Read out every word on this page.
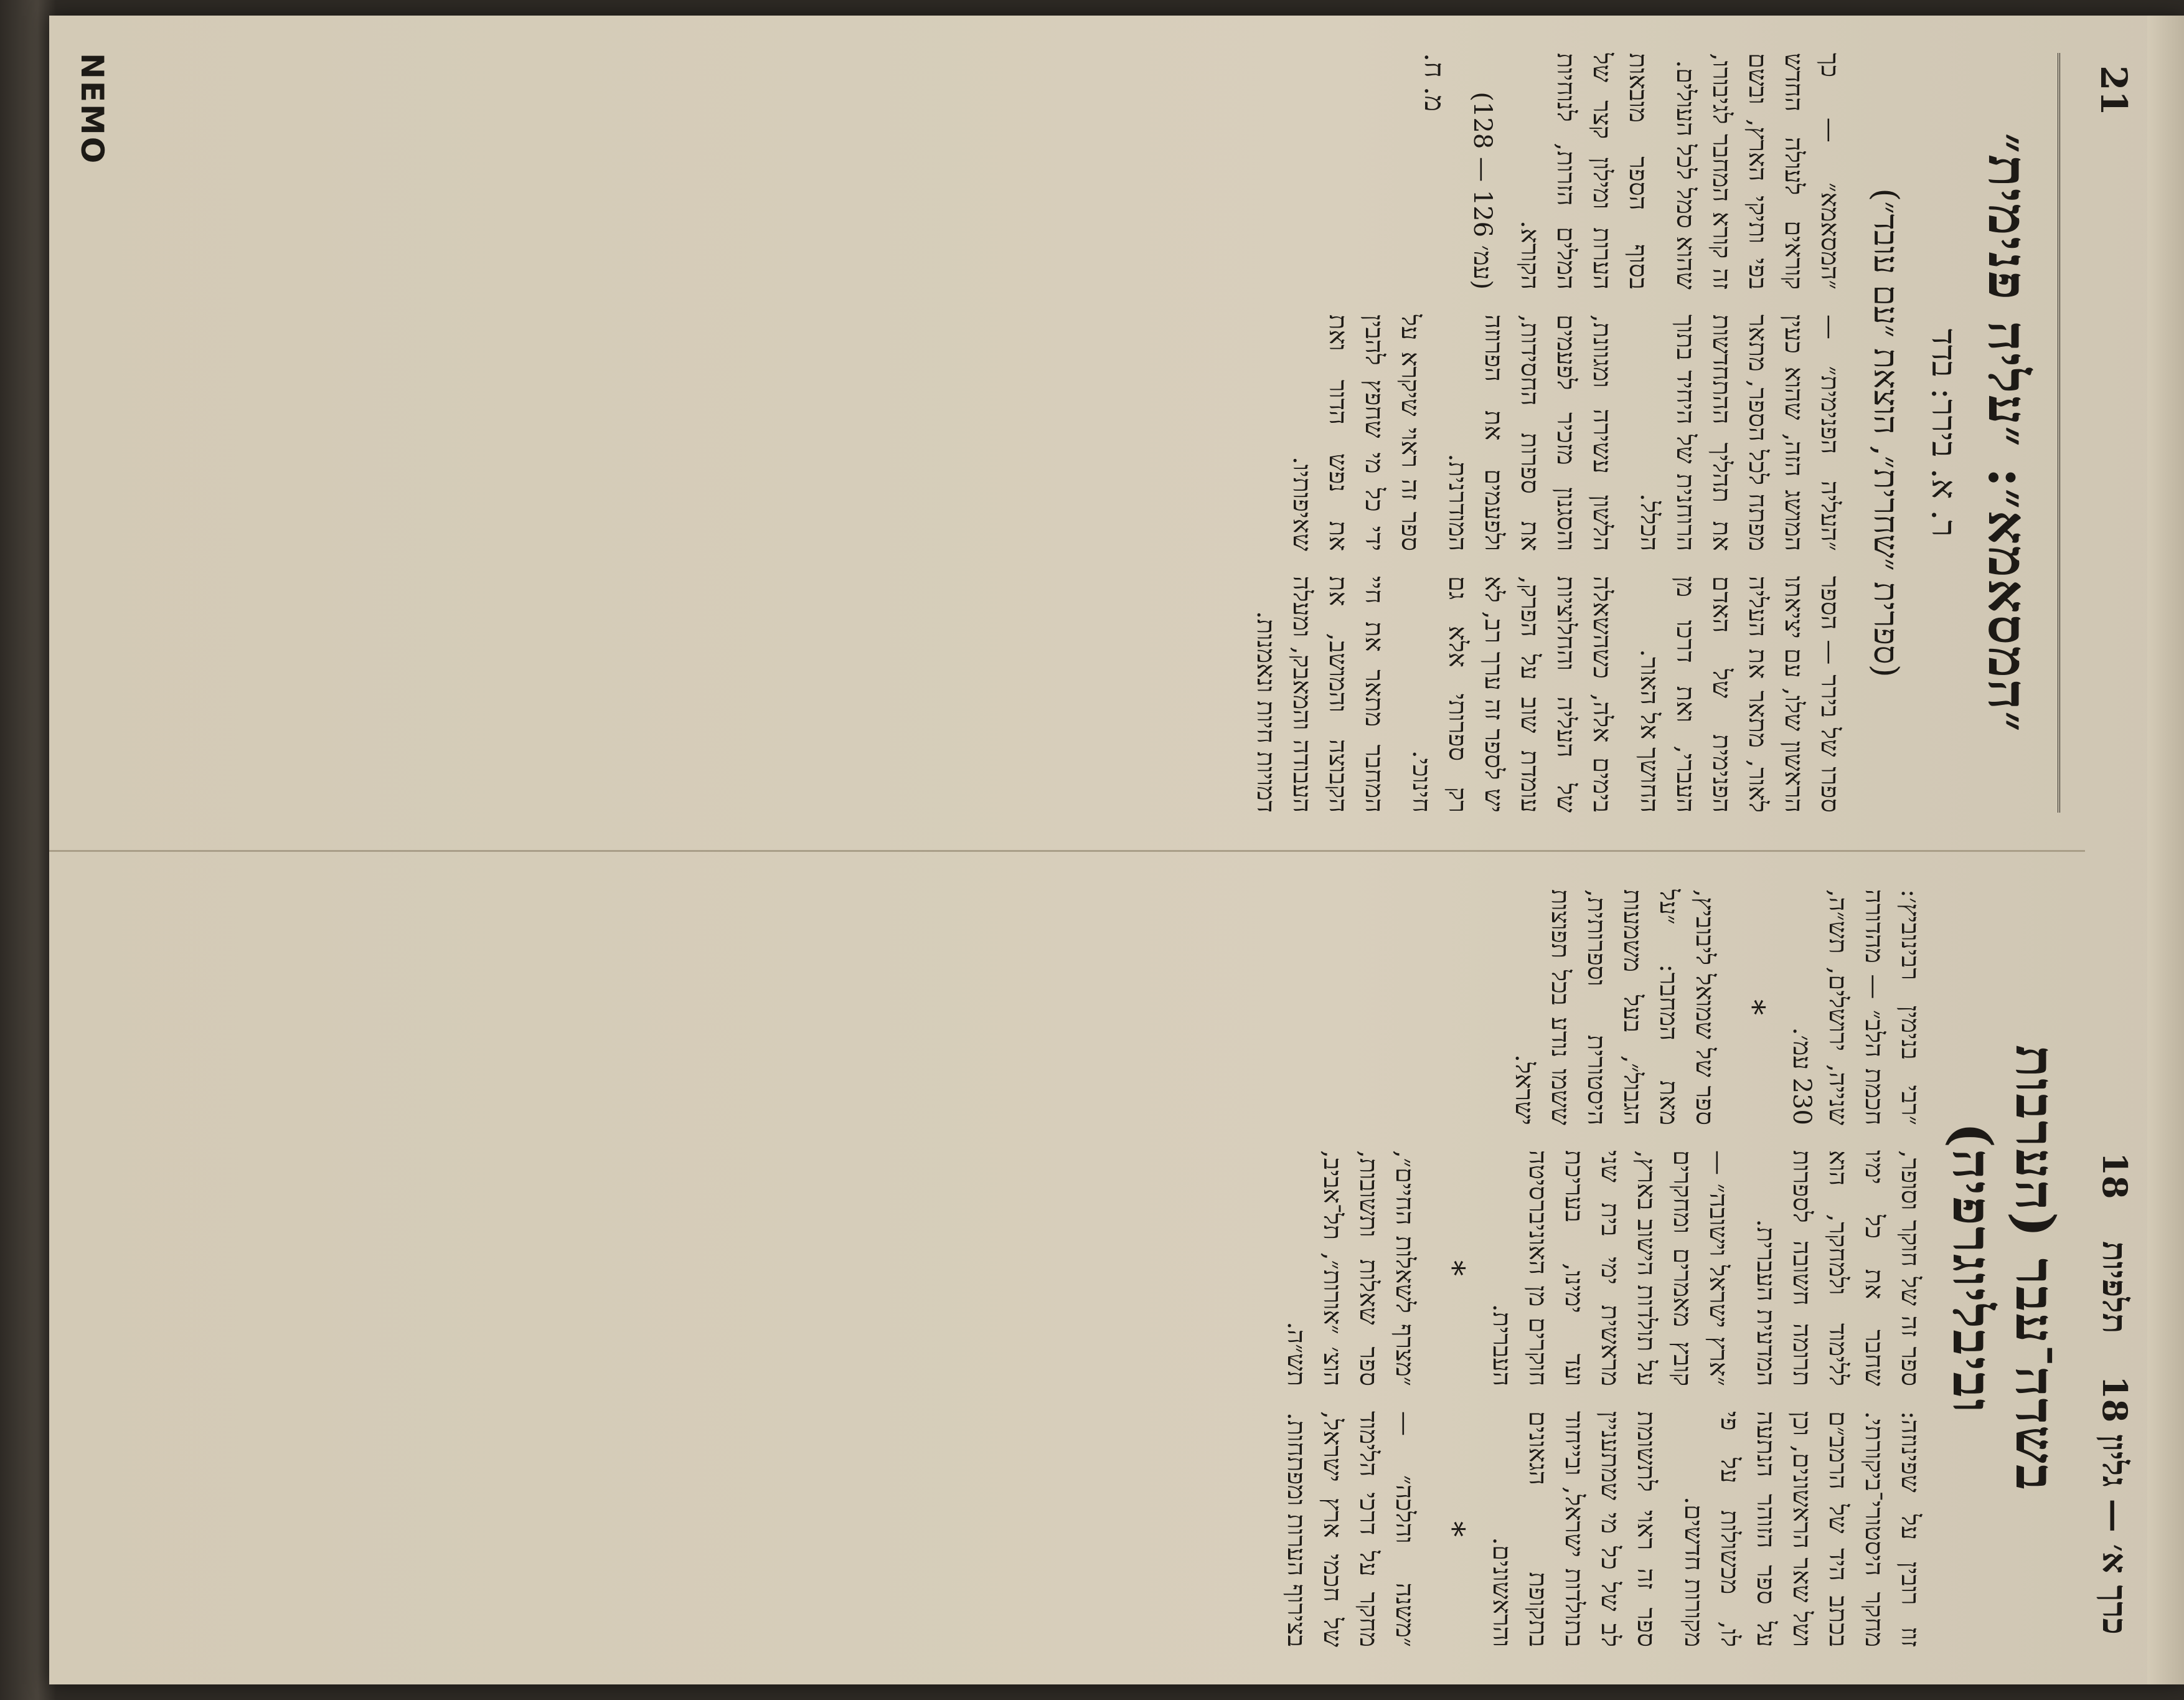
21
כרך א׳ — גליון 18  תלפיות  18
בשדה־עבר (הערבות וביבליוגרפיה)

זוז רובין על שפינוזה: מחקר היסטורי־ביקורתי. בכתב היד של הרמב״ם ושל שאר הראשונים, וכן על ספר הזוהר הנתעה לו, מכשולות על פי מקורות חדשים.

ספר זה ראוי לתשומת לב של כל מי שמתעניין בתולדות ישראל, ובייחוד בתקופת הגאונים והראשונים.

*

״משנה והלכה״ — מחקר על דרכי הלימוד של חכמי ארץ ישראל, בצירוף הערות ומפתחות.

ספר זה של חוקר וסופר, שחבר את כל ימיו ללימוד ולמחקר, הוא תרומה חשובה לספרות המדעית העברית.

״ארץ ישראל וישובה״ — קובץ מאמרים ומחקרים על תולדות הישוב בארץ, מראשית ימי בית שני ועד ימינו, בעריכת חוקרים מן האוניברסיטה העברית.

*

״מצרף לשאלות החיים״, ספר שאלות ותשובות, הוצ׳ ״אורות״, תל־אביב, תש״ה.

״רבי בנימין רבינוביץ׳: חכמת הלב״ — מהדורה שנייה, ירושלים, תש״ה, 230 עמ׳.

*

ספר של שמואל ליבוביץ, מאת המחבר: ״על הגבול״, בעל משמעות היסטורית וספרותית, ששמו נודע בכל תפוצות ישראל.

״המסאמא״: ״עליה פנימית״
ר. א. בירר: בדד
(ספרית ״שחרית״, הוצאת ״עם עובד״)

ספרו של בירר — הספר הראשון שלו, עם יציאתו לאור, מתאר את העליה הפנימית של האדם העברי, ואת דרכו מן החושך אל האור.

בימים אלה, כשהשאלה של העליה והחלוציות עומדת שוב על הפרק, יש לספר זה ערך רב, לא רק ספרותי אלא גם חינוכי.

המחבר מתאר את חיי הקבוצה והמושב, את העבודה והמאבק, ומעלה דמויות חיות ונאמנות.

״העליה הפנימית״ — המושג הזה, שהוא כעין מפתח לכל הספר, מתאר את תהליך ההתחדשות הרוחנית של היחיד בתוך הכלל.

הלשון עשירה ומגוונת, והסגנון מזכיר לפעמים את ספרות החסידות, ולפעמים את הפרוזה המודרנית.

ספר זה ראוי שיקרא על ידי כל מי שחפץ להבין את נפש הדור ואת שאיפותיו.

״המסאמא״ — כך קוראים לעולה החדש בפי ותיקי הארץ, ובשם זה קורא המחבר לגיבורו, שהוא סמל לכל העולים.

בסוף הספר מובאות הערות ומילון קצר של המלים הזרות, לנוחיות הקורא.

(עמ׳ 126 — 128)

מ. ח.
NEMO
